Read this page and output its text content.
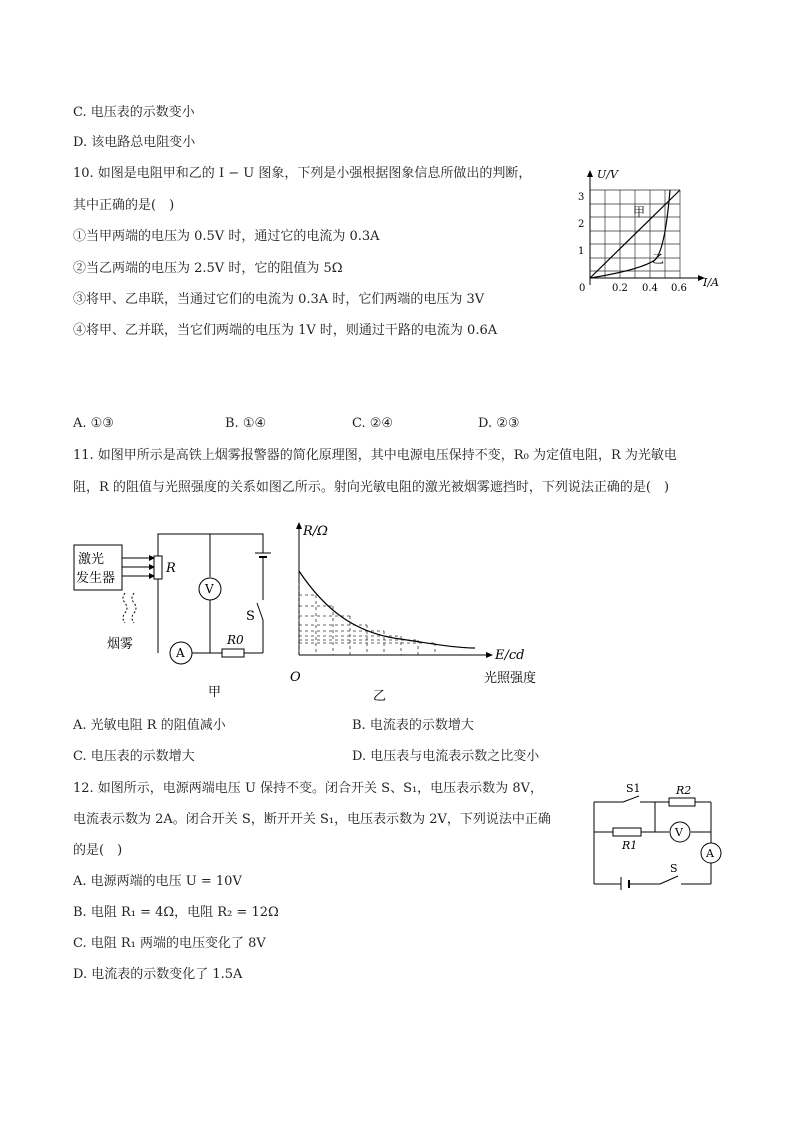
C. 电压表的示数变小
D. 该电路总电阻变小
10. 如图是电阻甲和乙的 I − U 图象，下列是小强根据图象信息所做出的判断，
其中正确的是(　)
①当甲两端的电压为 0.5V 时，通过它的电流为 0.3A
②当乙两端的电压为 2.5V 时，它的阻值为 5Ω
③将甲、乙串联，当通过它们的电流为 0.3A 时，它们两端的电压为 3V
④将甲、乙并联，当它们两端的电压为 1V 时，则通过干路的电流为 0.6A
U/V
I/A
0
1
2
3
0.2 0.4 0.6
甲
乙
A. ①③	B. ①④	C. ②④	D. ②③
11. 如图甲所示是高铁上烟雾报警器的简化原理图，其中电源电压保持不变，R₀ 为定值电阻，R 为光敏电
阻，R 的阻值与光照强度的关系如图乙所示。射向光敏电阻的激光被烟雾遮挡时，下列说法正确的是(　)
激光
发生器
烟雾
R
V
A
R0
S
甲
R/Ω
E/cd
O	光照强度
乙
A. 光敏电阻 R 的阻值减小	B. 电流表的示数增大
C. 电压表的示数增大	D. 电压表与电流表示数之比变小
12. 如图所示，电源两端电压 U 保持不变。闭合开关 S、S₁，电压表示数为 8V，
电流表示数为 2A。闭合开关 S，断开开关 S₁，电压表示数为 2V，下列说法中正确
的是(　)
S1	R2
R1
V
A
S
A. 电源两端的电压 U = 10V
B. 电阻 R₁ = 4Ω，电阻 R₂ = 12Ω
C. 电阻 R₁ 两端的电压变化了 8V
D. 电流表的示数变化了 1.5A
